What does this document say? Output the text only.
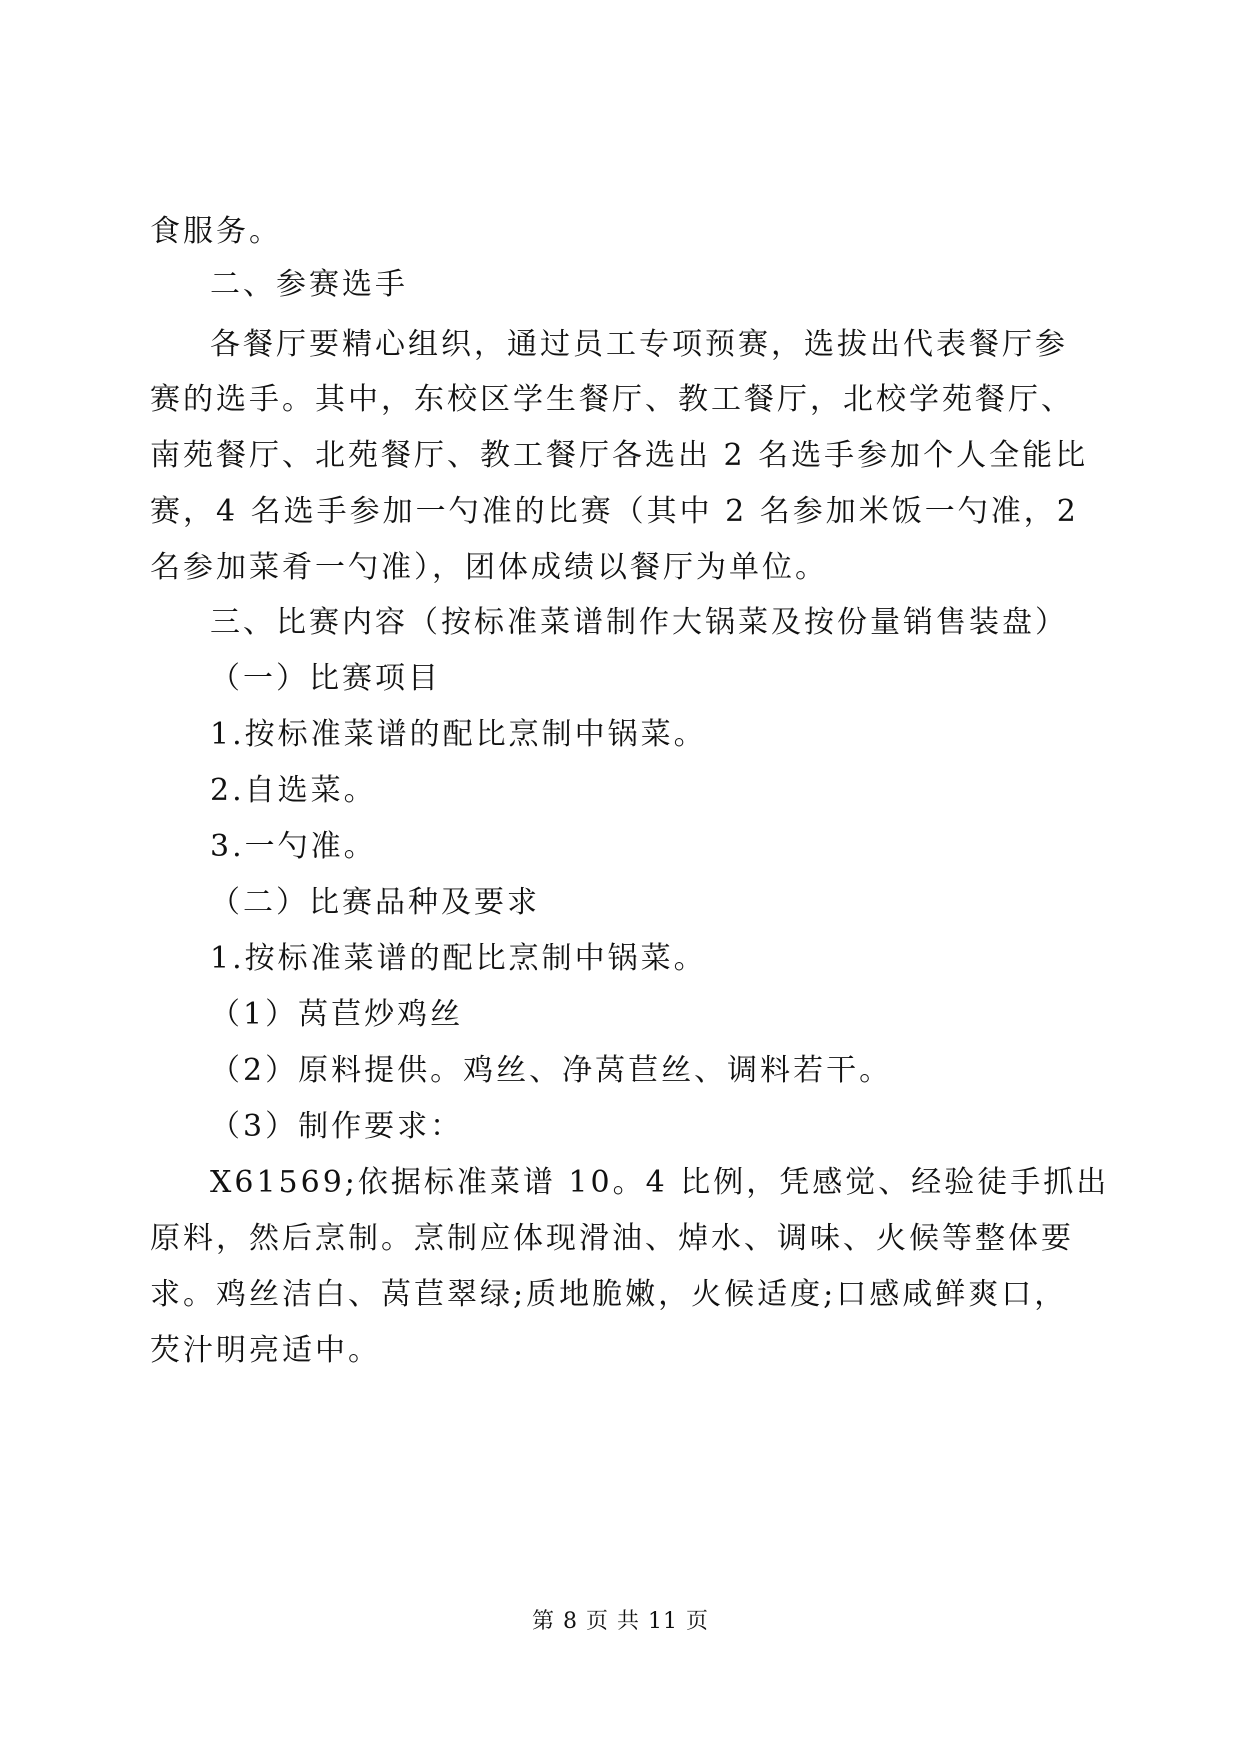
食服务。
二、参赛选手
各餐厅要精心组织，通过员工专项预赛，选拔出代表餐厅参
赛的选手。其中，东校区学生餐厅、教工餐厅，北校学苑餐厅、
南苑餐厅、北苑餐厅、教工餐厅各选出 2 名选手参加个人全能比
赛，4 名选手参加一勺准的比赛（其中 2 名参加米饭一勺准，2
名参加菜肴一勺准），团体成绩以餐厅为单位。
三、比赛内容（按标准菜谱制作大锅菜及按份量销售装盘）
（一）比赛项目
1.按标准菜谱的配比烹制中锅菜。
2.自选菜。
3.一勺准。
（二）比赛品种及要求
1.按标准菜谱的配比烹制中锅菜。
（1）莴苣炒鸡丝
（2）原料提供。鸡丝、净莴苣丝、调料若干。
（3）制作要求：
X61569;依据标准菜谱 10。4 比例，凭感觉、经验徒手抓出
原料，然后烹制。烹制应体现滑油、焯水、调味、火候等整体要
求。鸡丝洁白、莴苣翠绿;质地脆嫩，火候适度;口感咸鲜爽口，
芡汁明亮适中。
第 8 页 共 11 页
